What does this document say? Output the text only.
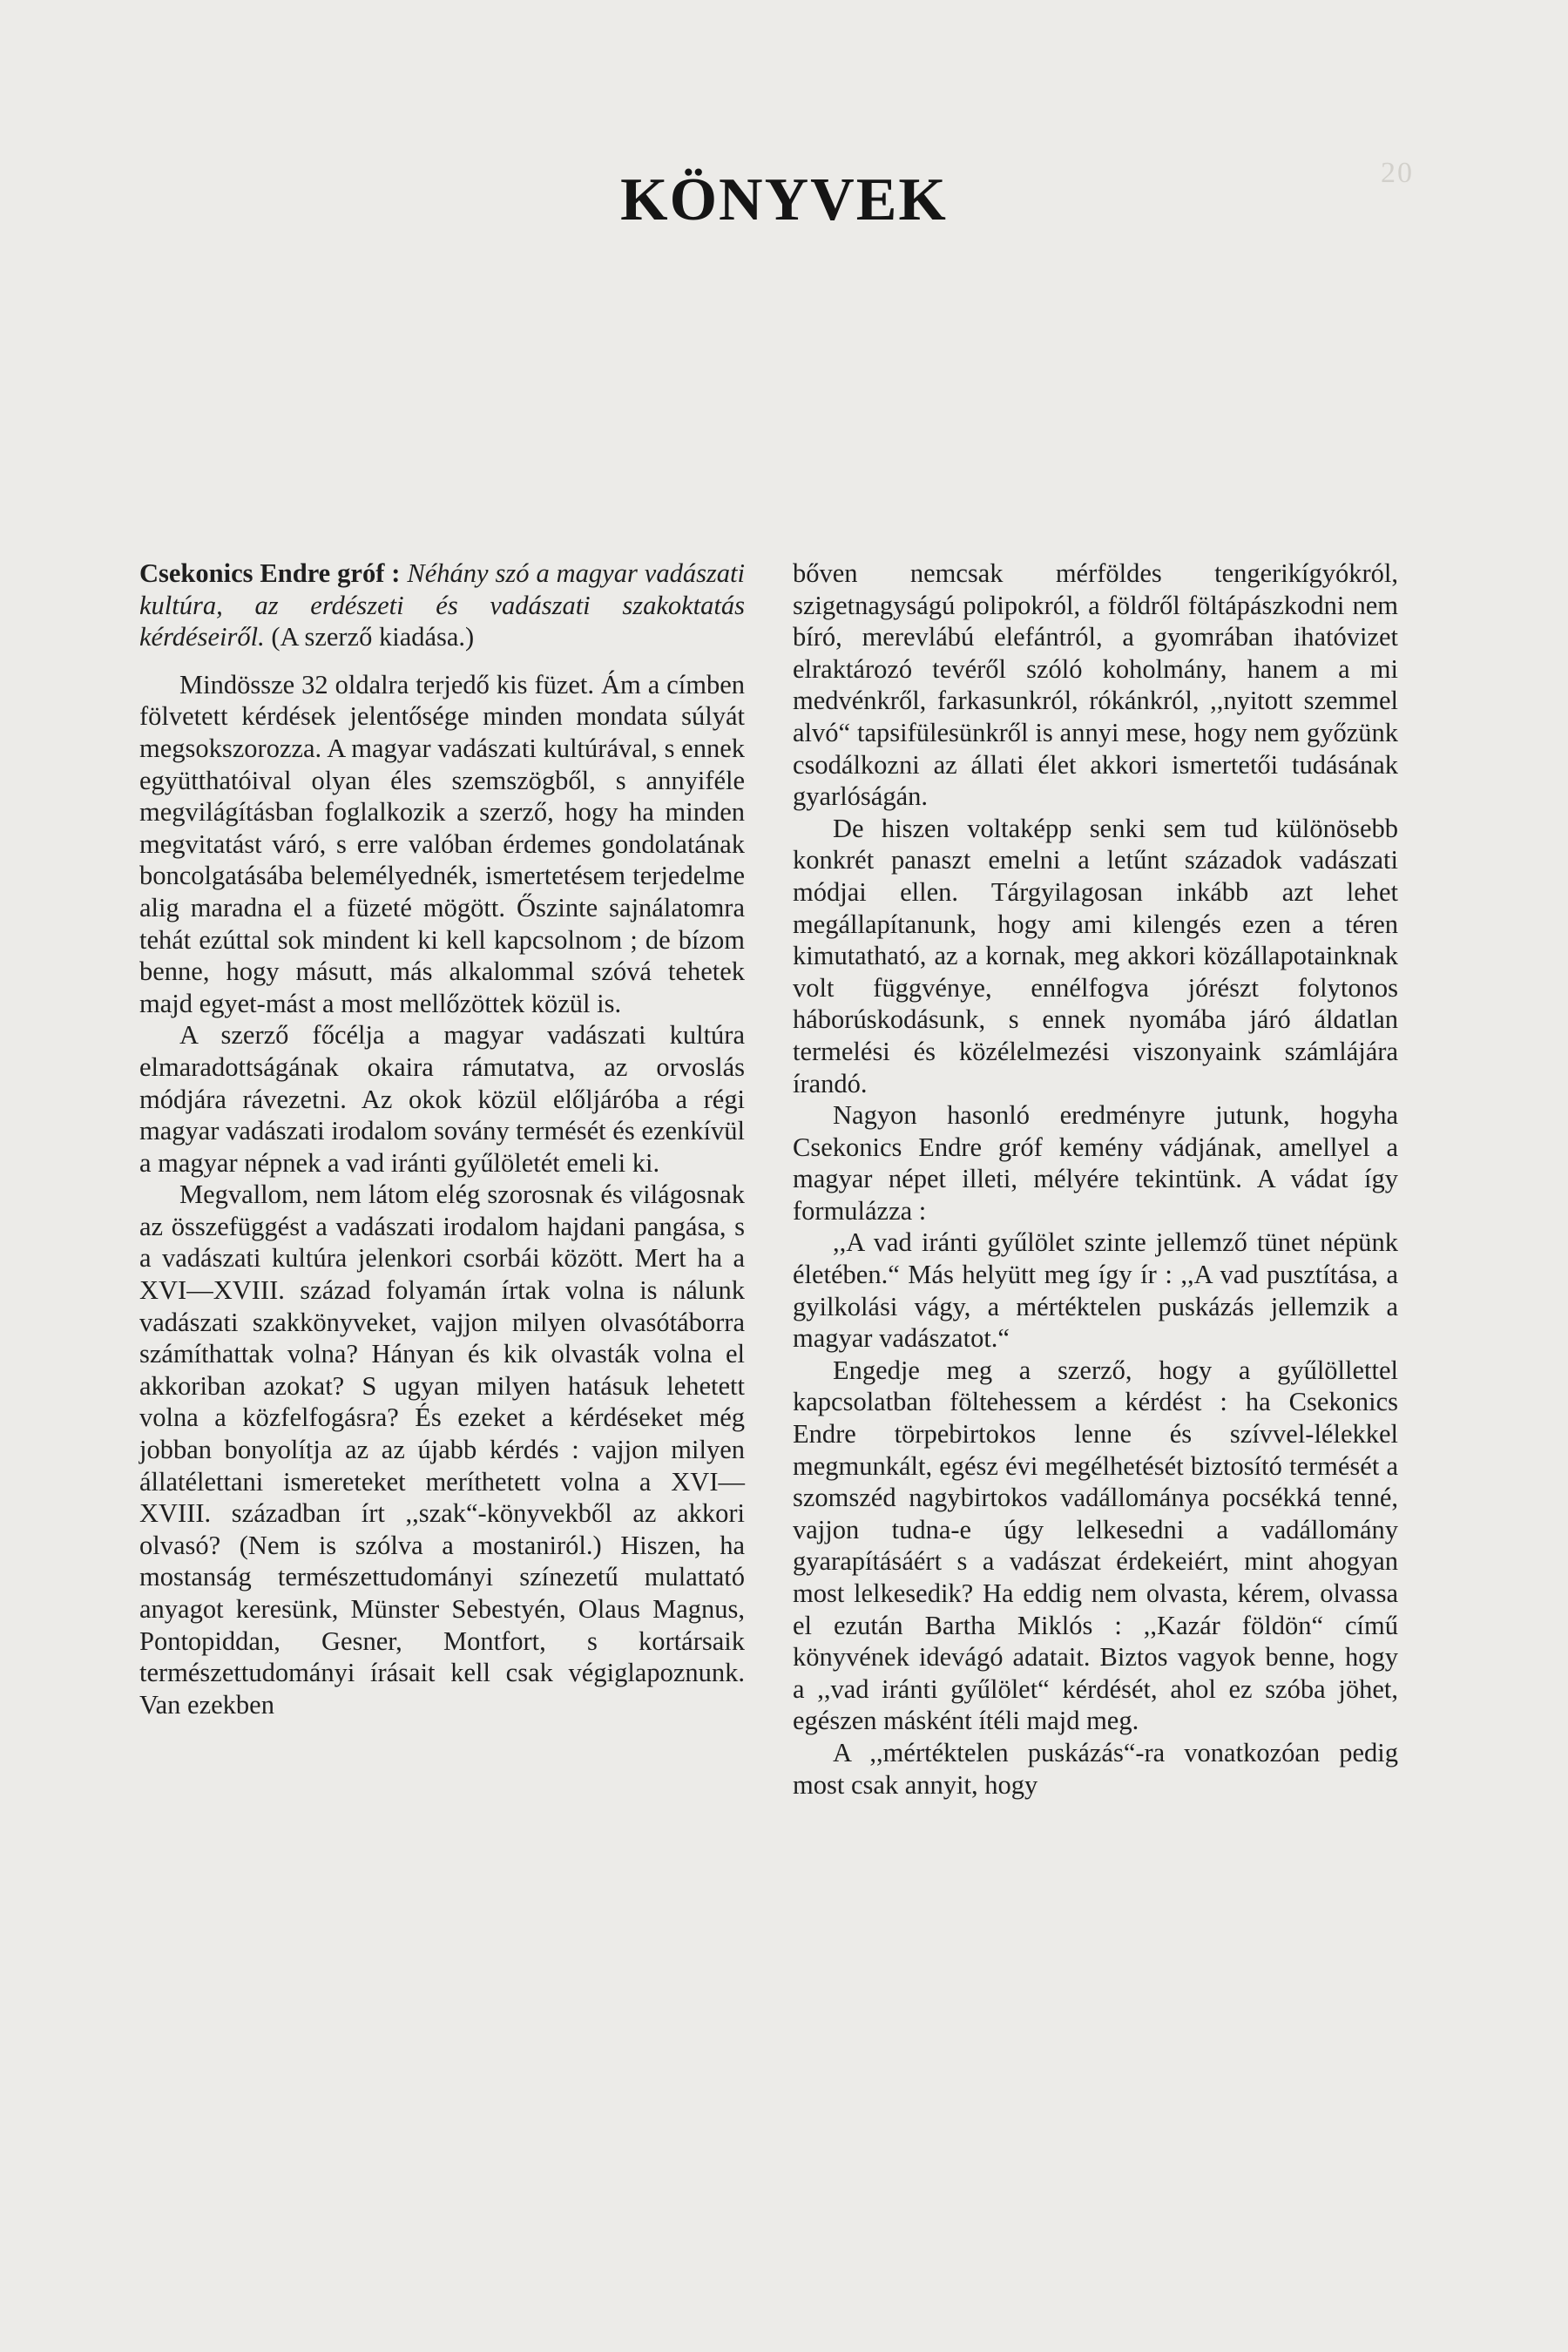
20
KÖNYVEK

Csekonics Endre gróf : Néhány szó a magyar vadászati kultúra, az erdészeti és vadászati szakoktatás kérdéseiről. (A szerző kiadása.)

Mindössze 32 oldalra terjedő kis füzet. Ám a címben fölvetett kérdések jelentősége minden mondata súlyát megsokszorozza. A magyar vadászati kultúrával, s ennek együtthatóival olyan éles szemszögből, s annyiféle megvilágításban foglalkozik a szerző, hogy ha minden megvitatást váró, s erre valóban érdemes gondolatának boncolgatásába belemélyednék, ismertetésem terjedelme alig maradna el a füzeté mögött. Őszinte sajnálatomra tehát ezúttal sok mindent ki kell kapcsolnom ; de bízom benne, hogy másutt, más alkalommal szóvá tehetek majd egyet-mást a most mellőzöttek közül is.

A szerző főcélja a magyar vadászati kultúra elmaradottságának okaira rámutatva, az orvoslás módjára rávezetni. Az okok közül előljáróba a régi magyar vadászati irodalom sovány termését és ezenkívül a magyar népnek a vad iránti gyűlöletét emeli ki.

Megvallom, nem látom elég szorosnak és világosnak az összefüggést a vadászati irodalom hajdani pangása, s a vadászati kultúra jelenkori csorbái között. Mert ha a XVI—XVIII. század folyamán írtak volna is nálunk vadászati szakkönyveket, vajjon milyen olvasótáborra számíthattak volna? Hányan és kik olvasták volna el akkoriban azokat? S ugyan milyen hatásuk lehetett volna a közfelfogásra? És ezeket a kérdéseket még jobban bonyolítja az az újabb kérdés : vajjon milyen állatélettani ismereteket meríthetett volna a XVI—XVIII. században írt ,,szak“-könyvekből az akkori olvasó? (Nem is szólva a mostaniról.) Hiszen, ha mostanság természettudományi színezetű mulattató anyagot keresünk, Münster Sebestyén, Olaus Magnus, Pontopiddan, Gesner, Montfort, s kortársaik természettudományi írásait kell csak végiglapoznunk. Van ezekben

bőven nemcsak mérföldes tengerikígyókról, szigetnagyságú polipokról, a földről föltápászkodni nem bíró, merevlábú elefántról, a gyomrában ihatóvizet elraktározó tevéről szóló koholmány, hanem a mi medvénkről, farkasunkról, rókánkról, ,,nyitott szemmel alvó“ tapsifülesünkről is annyi mese, hogy nem győzünk csodálkozni az állati élet akkori ismertetői tudásának gyarlóságán.

De hiszen voltaképp senki sem tud különösebb konkrét panaszt emelni a letűnt századok vadászati módjai ellen. Tárgyilagosan inkább azt lehet megállapítanunk, hogy ami kilengés ezen a téren kimutatható, az a kornak, meg akkori közállapotainknak volt függvénye, ennélfogva jórészt folytonos háborúskodásunk, s ennek nyomába járó áldatlan termelési és közélelmezési viszonyaink számlájára írandó.

Nagyon hasonló eredményre jutunk, hogyha Csekonics Endre gróf kemény vádjának, amellyel a magyar népet illeti, mélyére tekintünk. A vádat így formulázza :

,,A vad iránti gyűlölet szinte jellemző tünet népünk életében.“ Más helyütt meg így ír : ,,A vad pusztítása, a gyilkolási vágy, a mértéktelen puskázás jellemzik a magyar vadászatot.“

Engedje meg a szerző, hogy a gyűlöllettel kapcsolatban föltehessem a kérdést : ha Csekonics Endre törpebirtokos lenne és szívvel-lélekkel megmunkált, egész évi megélhetését biztosító termését a szomszéd nagybirtokos vadállománya pocsékká tenné, vajjon tudna-e úgy lelkesedni a vadállomány gyarapításáért s a vadászat érdekeiért, mint ahogyan most lelkesedik? Ha eddig nem olvasta, kérem, olvassa el ezután Bartha Miklós : ,,Kazár földön“ című könyvének idevágó adatait. Biztos vagyok benne, hogy a ,,vad iránti gyűlölet“ kérdését, ahol ez szóba jöhet, egészen másként ítéli majd meg.

A ,,mértéktelen puskázás“-ra vonatkozóan pedig most csak annyit, hogy
